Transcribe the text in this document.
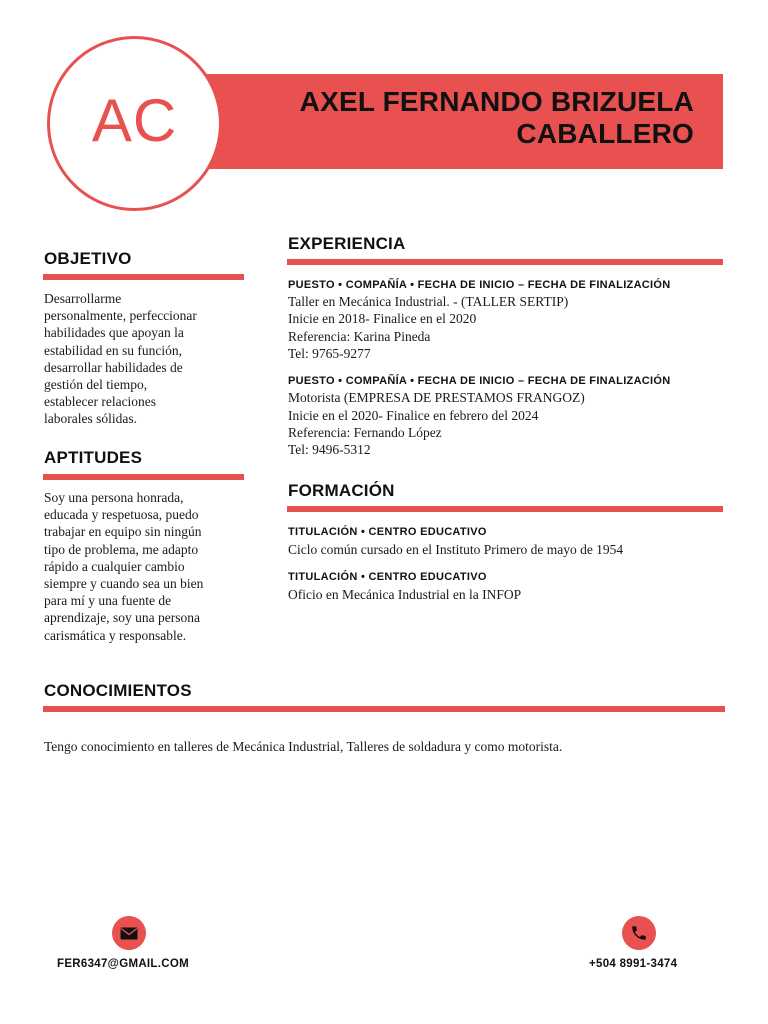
AXEL FERNANDO BRIZUELA
CABALLERO
AC
OBJETIVO
Desarrollarme
personalmente, perfeccionar
habilidades que apoyan la
estabilidad en su función,
desarrollar habilidades de
gestión del tiempo,
establecer relaciones
laborales sólidas.
APTITUDES
Soy una persona honrada,
educada y respetuosa, puedo
trabajar en equipo sin ningún
tipo de problema, me adapto
rápido a cualquier cambio
siempre y cuando sea un bien
para mí y una fuente de
aprendizaje, soy una persona
carismática y responsable.
EXPERIENCIA
PUESTO • COMPAÑÍA • FECHA DE INICIO – FECHA DE FINALIZACIÓN
Taller en Mecánica Industrial. - (TALLER SERTIP)
Inicie en 2018- Finalice en el 2020
Referencia: Karina Pineda
Tel: 9765-9277
PUESTO • COMPAÑÍA • FECHA DE INICIO – FECHA DE FINALIZACIÓN
Motorista (EMPRESA DE PRESTAMOS FRANGOZ)
Inicie en el 2020- Finalice en febrero del 2024
Referencia: Fernando López
Tel: 9496-5312
FORMACIÓN
TITULACIÓN • CENTRO EDUCATIVO
Ciclo común cursado en el Instituto Primero de mayo de 1954
TITULACIÓN • CENTRO EDUCATIVO
Oficio en Mecánica Industrial en la INFOP
CONOCIMIENTOS
Tengo conocimiento en talleres de Mecánica Industrial, Talleres de soldadura y como motorista.
FER6347@GMAIL.COM	+504 8991-3474
